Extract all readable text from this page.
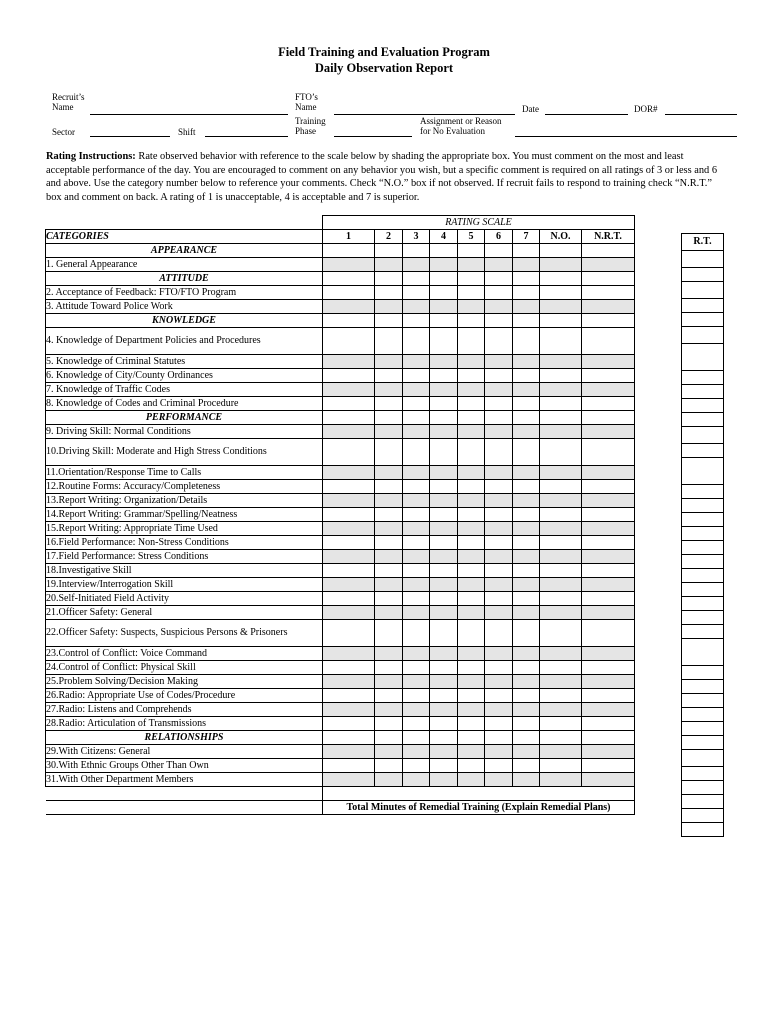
Field Training and Evaluation Program
Daily Observation Report
Recruit’s
Name
FTO’s
Name	Date	DOR#
Sector	Shift
Training
Phase
Assignment or Reason
for No Evaluation
Rating Instructions: Rate observed behavior with reference to the scale below by shading the appropriate box. You must comment on the most and least acceptable performance of the day. You are encouraged to comment on any behavior you wish, but a specific comment is required on all ratings of 3 or less and 6 and above. Use the category number below to reference your comments. Check “N.O.” box if not observed. If recruit fails to respond to training check “N.R.T.” box and comment on back. A rating of 1 is unacceptable, 4 is acceptable and 7 is superior.
	RATING SCALE								
CATEGORIES	1	2	3	4	5	6	7	N.O.	N.R.T.
APPEARANCE									
1. General Appearance									
ATTITUDE									
2. Acceptance of Feedback: FTO/FTO Program									
3. Attitude Toward Police Work									
KNOWLEDGE									
4. Knowledge of Department Policies and Procedures									
5. Knowledge of Criminal Statutes									
6. Knowledge of City/County Ordinances									
7. Knowledge of Traffic Codes									
8. Knowledge of Codes and Criminal Procedure									
PERFORMANCE									
9. Driving Skill: Normal Conditions									
10.Driving Skill: Moderate and High Stress Conditions									
11.Orientation/Response Time to Calls									
12.Routine Forms: Accuracy/Completeness									
13.Report Writing: Organization/Details									
14.Report Writing: Grammar/Spelling/Neatness									
15.Report Writing: Appropriate Time Used									
16.Field Performance: Non-Stress Conditions									
17.Field Performance: Stress Conditions									
18.Investigative Skill									
19.Interview/Interrogation Skill									
20.Self-Initiated Field Activity									
21.Officer Safety: General									
22.Officer Safety: Suspects, Suspicious Persons & Prisoners									
23.Control of Conflict: Voice Command									
24.Control of Conflict: Physical Skill									
25.Problem Solving/Decision Making									
26.Radio: Appropriate Use of Codes/Procedure									
27.Radio: Listens and Comprehends									
28.Radio: Articulation of Transmissions									
RELATIONSHIPS									
29.With Citizens: General									
30.With Ethnic Groups Other Than Own									
31.With Other Department Members									

	Total Minutes of Remedial Training (Explain Remedial Plans)								
R.T.
